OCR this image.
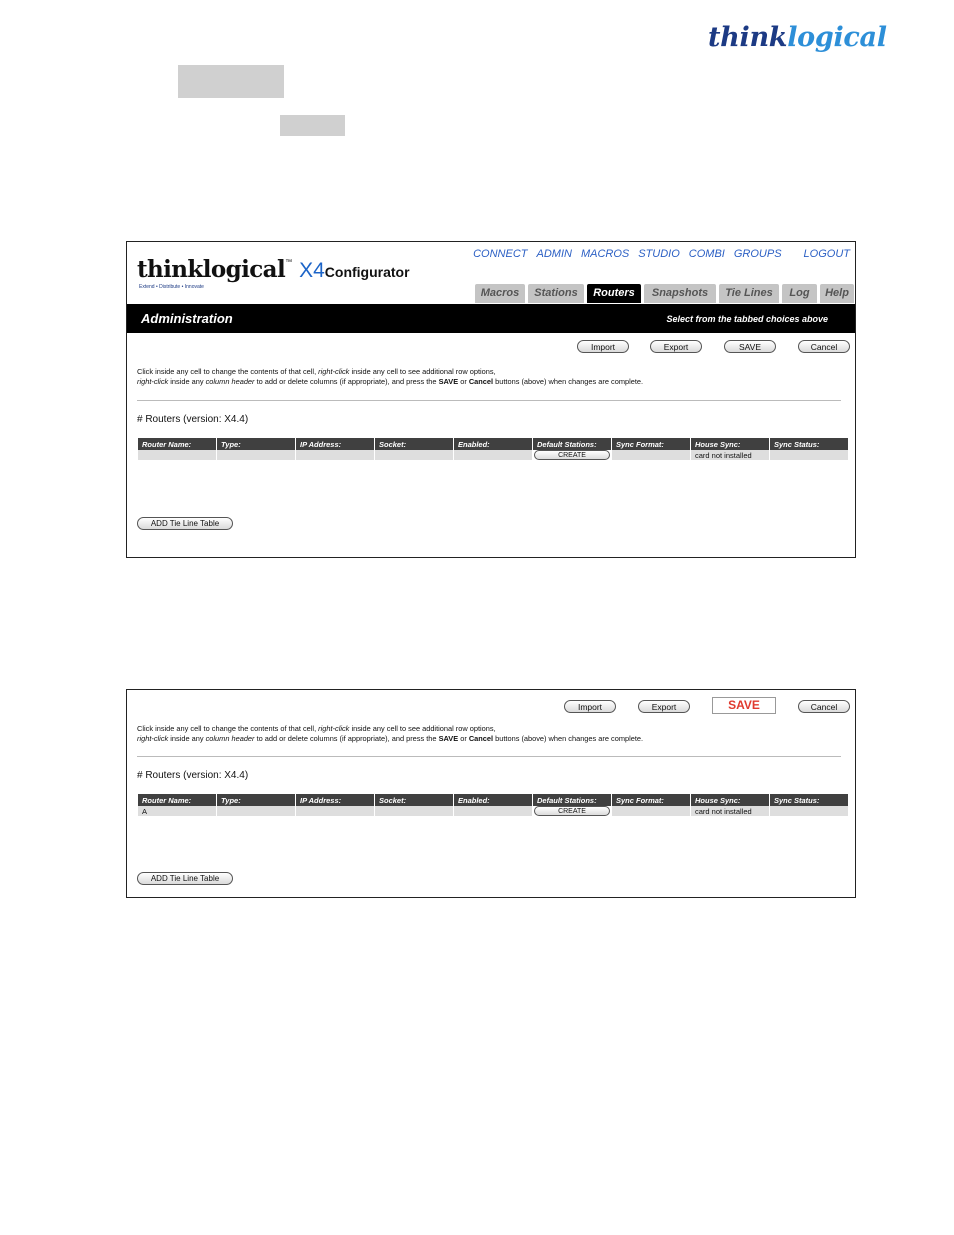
thinklogical
thinklogical™ X4Configurator
Extend • Distribute • Innovate
CONNECT ADMIN MACROS STUDIO COMBI GROUPS LOGOUT
Macros	Stations	Routers	Snapshots	Tie Lines	Log	Help
Administration	Select from the tabbed choices above
Import	Export	SAVE	Cancel
Click inside any cell to change the contents of that cell, right-click inside any cell to see additional row options,
right-click inside any column header to add or delete columns (if appropriate), and press the SAVE or Cancel buttons (above) when changes are complete.
# Routers (version: X4.4)
Router Name:	Type:	IP Address:	Socket:	Enabled:	Default Stations:	Sync Format:	House Sync:	Sync Status:
					CREATE		card not installed	
ADD Tie Line Table
Import	Export	SAVE	Cancel
Click inside any cell to change the contents of that cell, right-click inside any cell to see additional row options,
right-click inside any column header to add or delete columns (if appropriate), and press the SAVE or Cancel buttons (above) when changes are complete.
# Routers (version: X4.4)
Router Name:	Type:	IP Address:	Socket:	Enabled:	Default Stations:	Sync Format:	House Sync:	Sync Status:
A					CREATE		card not installed	
ADD Tie Line Table
